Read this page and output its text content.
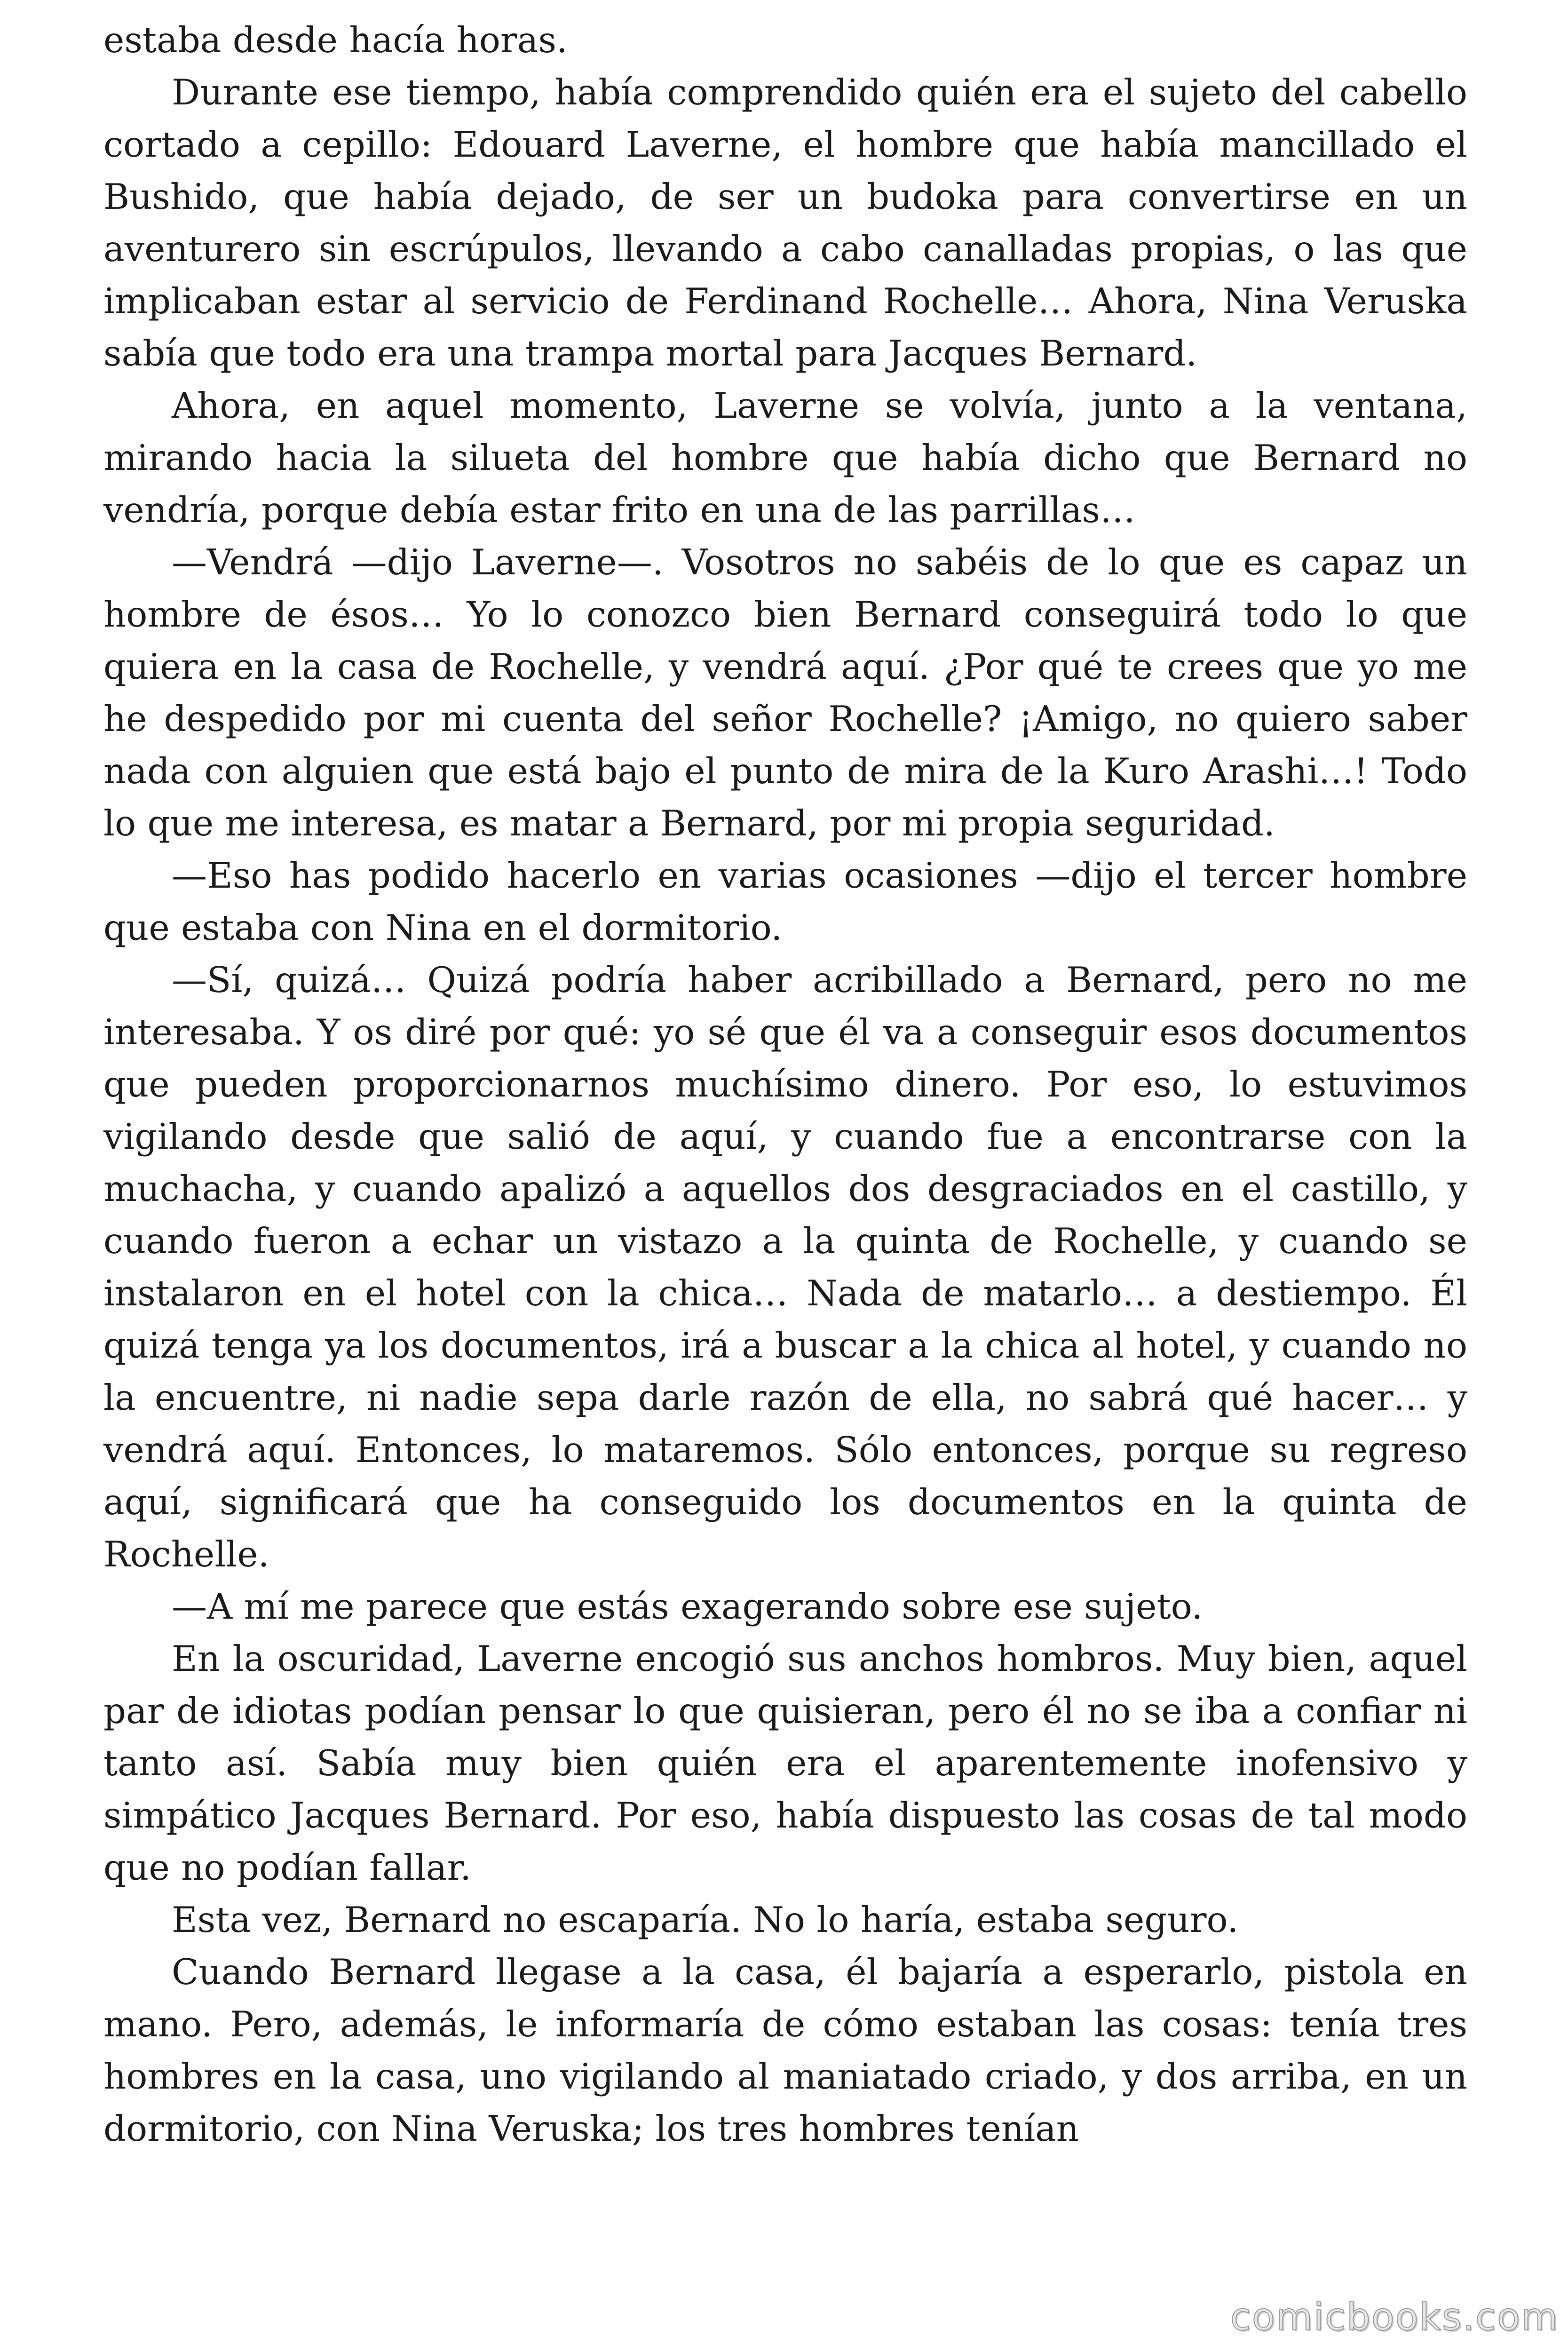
estaba desde hacía horas.

Durante ese tiempo, había comprendido quién era el sujeto del cabello cortado a cepillo: Edouard Laverne, el hombre que había mancillado el Bushido, que había dejado, de ser un budoka para convertirse en un aventurero sin escrúpulos, llevando a cabo canalladas propias, o las que implicaban estar al servicio de Ferdinand Rochelle… Ahora, Nina Veruska sabía que todo era una trampa mortal para Jacques Bernard.

Ahora, en aquel momento, Laverne se volvía, junto a la ventana, mirando hacia la silueta del hombre que había dicho que Bernard no vendría, porque debía estar frito en una de las parrillas…

—Vendrá —dijo Laverne—. Vosotros no sabéis de lo que es capaz un hombre de ésos… Yo lo conozco bien Bernard conseguirá todo lo que quiera en la casa de Rochelle, y vendrá aquí. ¿Por qué te crees que yo me he despedido por mi cuenta del señor Rochelle? ¡Amigo, no quiero saber nada con alguien que está bajo el punto de mira de la Kuro Arashi…! Todo lo que me interesa, es matar a Bernard, por mi propia seguridad.

—Eso has podido hacerlo en varias ocasiones —dijo el tercer hombre que estaba con Nina en el dormitorio.

—Sí, quizá… Quizá podría haber acribillado a Bernard, pero no me interesaba. Y os diré por qué: yo sé que él va a conseguir esos documentos que pueden proporcionarnos muchísimo dinero. Por eso, lo estuvimos vigilando desde que salió de aquí, y cuando fue a encontrarse con la muchacha, y cuando apalizó a aquellos dos desgraciados en el castillo, y cuando fueron a echar un vistazo a la quinta de Rochelle, y cuando se instalaron en el hotel con la chica… Nada de matarlo… a destiempo. Él quizá tenga ya los documentos, irá a buscar a la chica al hotel, y cuando no la encuentre, ni nadie sepa darle razón de ella, no sabrá qué hacer… y vendrá aquí. Entonces, lo mataremos. Sólo entonces, porque su regreso aquí, significará que ha conseguido los documentos en la quinta de Rochelle.

—A mí me parece que estás exagerando sobre ese sujeto.

En la oscuridad, Laverne encogió sus anchos hombros. Muy bien, aquel par de idiotas podían pensar lo que quisieran, pero él no se iba a confiar ni tanto así. Sabía muy bien quién era el aparentemente inofensivo y simpático Jacques Bernard. Por eso, había dispuesto las cosas de tal modo que no podían fallar.

Esta vez, Bernard no escaparía. No lo haría, estaba seguro.

Cuando Bernard llegase a la casa, él bajaría a esperarlo, pistola en mano. Pero, además, le informaría de cómo estaban las cosas: tenía tres hombres en la casa, uno vigilando al maniatado criado, y dos arriba, en un dormitorio, con Nina Veruska; los tres hombres tenían

comicbooks.com
